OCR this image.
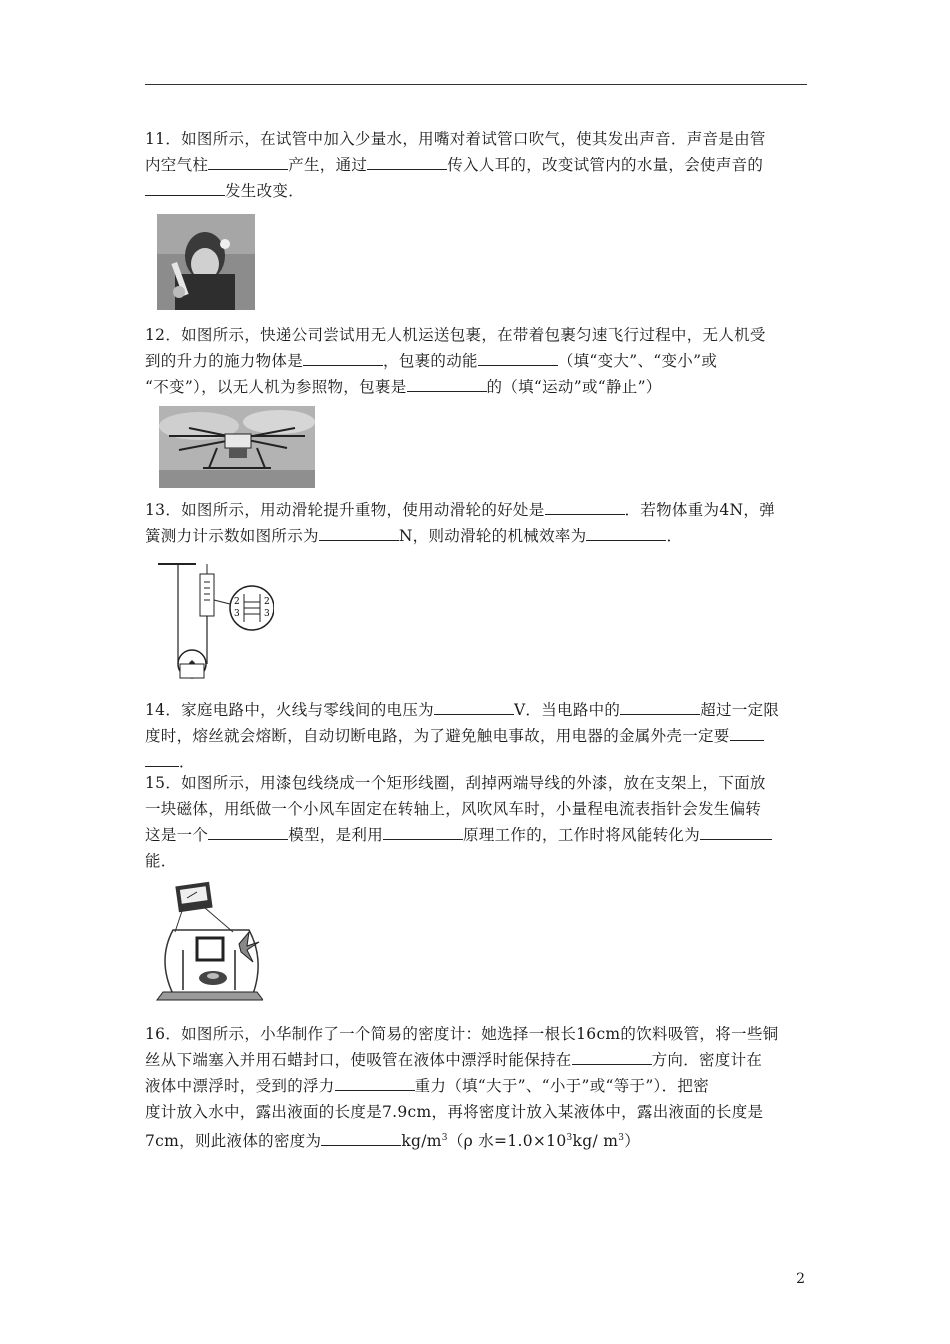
11．如图所示，在试管中加入少量水，用嘴对着试管口吹气，使其发出声音．声音是由管

内空气柱	产生，通过	传入人耳的，改变试管内的水量，会使声音的

发生改变．

12．如图所示，快递公司尝试用无人机运送包裹，在带着包裹匀速飞行过程中，无人机受

到的升力的施力物体是	，包裹的动能	（填“变大”、“变小”或

“不变”），以无人机为参照物，包裹是	的（填“运动”或“静止”）

13．如图所示，用动滑轮提升重物，使用动滑轮的好处是	．若物体重为4N，弹

簧测力计示数如图所示为	N，则动滑轮的机械效率为	．

2
3
2
3

14．家庭电路中，火线与零线间的电压为	V．当电路中的	超过一定限

度时，熔丝就会熔断，自动切断电路，为了避免触电事故，用电器的金属外壳一定要

．

15．如图所示，用漆包线绕成一个矩形线圈，刮掉两端导线的外漆，放在支架上，下面放

一块磁体，用纸做一个小风车固定在转轴上，风吹风车时，小量程电流表指针会发生偏转

这是一个	模型，是利用	原理工作的，工作时将风能转化为

能．

16．如图所示，小华制作了一个简易的密度计：她选择一根长16cm的饮料吸管，将一些铜

丝从下端塞入并用石蜡封口，使吸管在液体中漂浮时能保持在	方向．密度计在

液体中漂浮时，受到的浮力	重力（填“大于”、“小于”或“等于”）．把密

度计放入水中，露出液面的长度是7.9cm，再将密度计放入某液体中，露出液面的长度是

7cm，则此液体的密度为	$kg/m^3(\rho$ 水$=1.0\times 10^3kg/$ $m^3$）

2
